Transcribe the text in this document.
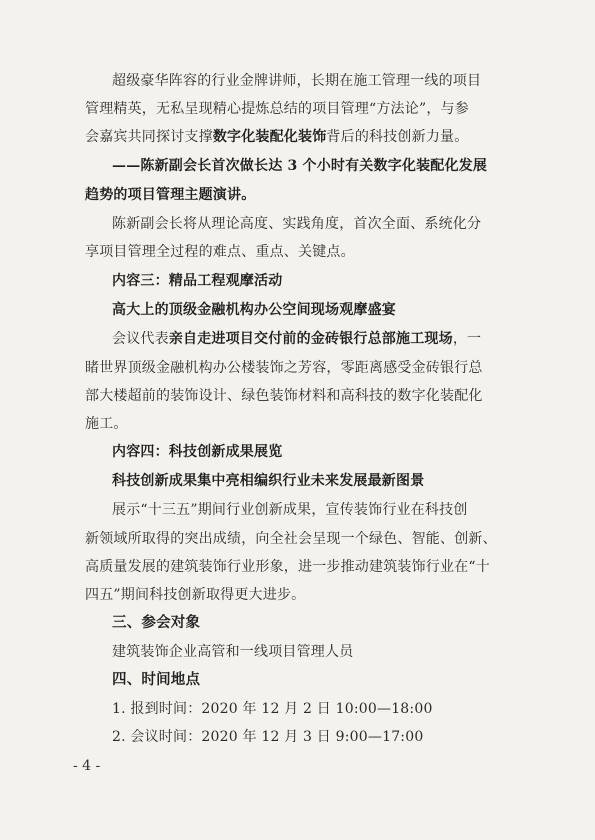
超级豪华阵容的行业金牌讲师，长期在施工管理一线的项目
管理精英，无私呈现精心提炼总结的项目管理“方法论”，与参
会嘉宾共同探讨支撑数字化装配化装饰背后的科技创新力量。
——陈新副会长首次做长达 3 个小时有关数字化装配化发展
趋势的项目管理主题演讲。
陈新副会长将从理论高度、实践角度，首次全面、系统化分
享项目管理全过程的难点、重点、关键点。
内容三：精品工程观摩活动
高大上的顶级金融机构办公空间现场观摩盛宴
会议代表亲自走进项目交付前的金砖银行总部施工现场，一
睹世界顶级金融机构办公楼装饰之芳容，零距离感受金砖银行总
部大楼超前的装饰设计、绿色装饰材料和高科技的数字化装配化
施工。
内容四：科技创新成果展览
科技创新成果集中亮相编织行业未来发展最新图景
展示“十三五”期间行业创新成果，宣传装饰行业在科技创
新领域所取得的突出成绩，向全社会呈现一个绿色、智能、创新、
高质量发展的建筑装饰行业形象，进一步推动建筑装饰行业在“十
四五”期间科技创新取得更大进步。
三、参会对象
建筑装饰企业高管和一线项目管理人员
四、时间地点
1. 报到时间：2020 年 12 月 2 日 10:00—18:00
2. 会议时间：2020 年 12 月 3 日 9:00—17:00
- 4 -
